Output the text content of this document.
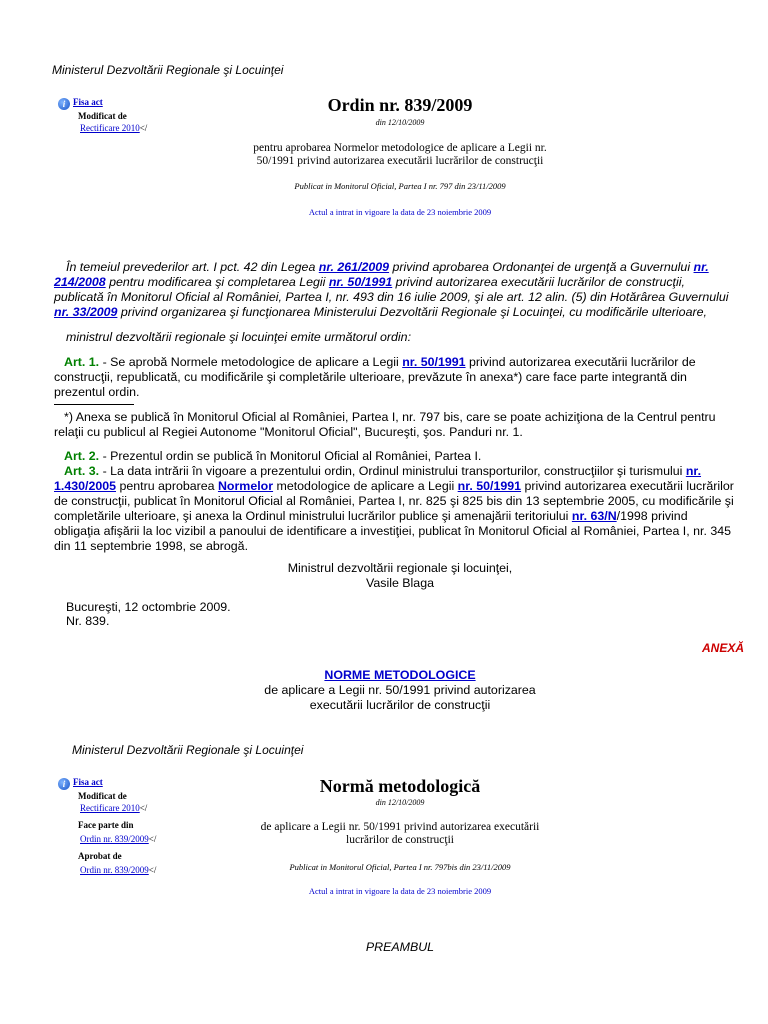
Ministerul Dezvoltării Regionale şi Locuinţei
i Fisa act
Modificat de
Rectificare 2010</
Ordin nr. 839/2009
din 12/10/2009
pentru aprobarea Normelor metodologice de aplicare a Legii nr.
50/1991 privind autorizarea executării lucrărilor de construcţii
Publicat in Monitorul Oficial, Partea I nr. 797 din 23/11/2009
Actul a intrat in vigoare la data de 23 noiembrie 2009
În temeiul prevederilor art. I pct. 42 din Legea nr. 261/2009 privind aprobarea Ordonanţei de urgenţă a Guvernului nr.
214/2008 pentru modificarea şi completarea Legii nr. 50/1991 privind autorizarea executării lucrărilor de construcţii,
publicată în Monitorul Oficial al României, Partea I, nr. 493 din 16 iulie 2009, şi ale art. 12 alin. (5) din Hotărârea Guvernului
nr. 33/2009 privind organizarea şi funcţionarea Ministerului Dezvoltării Regionale şi Locuinţei, cu modificările ulterioare,
ministrul dezvoltării regionale şi locuinţei emite următorul ordin:
Art. 1. - Se aprobă Normele metodologice de aplicare a Legii nr. 50/1991 privind autorizarea executării lucrărilor de
construcţii, republicată, cu modificările şi completările ulterioare, prevăzute în anexa*) care face parte integrantă din
prezentul ordin.
*) Anexa se publică în Monitorul Oficial al României, Partea I, nr. 797 bis, care se poate achiziţiona de la Centrul pentru
relaţii cu publicul al Regiei Autonome "Monitorul Oficial", Bucureşti, şos. Panduri nr. 1.
Art. 2. - Prezentul ordin se publică în Monitorul Oficial al României, Partea I.
Art. 3. - La data intrării în vigoare a prezentului ordin, Ordinul ministrului transporturilor, construcţiilor şi turismului nr.
1.430/2005 pentru aprobarea Normelor metodologice de aplicare a Legii nr. 50/1991 privind autorizarea executării lucrărilor
de construcţii, publicat în Monitorul Oficial al României, Partea I, nr. 825 şi 825 bis din 13 septembrie 2005, cu modificările şi
completările ulterioare, şi anexa la Ordinul ministrului lucrărilor publice şi amenajării teritoriului nr. 63/N/1998 privind
obligaţia afişării la loc vizibil a panoului de identificare a investiţiei, publicat în Monitorul Oficial al României, Partea I, nr. 345
din 11 septembrie 1998, se abrogă.
Ministrul dezvoltării regionale şi locuinţei,
Vasile Blaga
Bucureşti, 12 octombrie 2009.
Nr. 839.
ANEXĂ
NORME METODOLOGICE
de aplicare a Legii nr. 50/1991 privind autorizarea
executării lucrărilor de construcţii
Ministerul Dezvoltării Regionale şi Locuinţei
i Fisa act
Modificat de
Rectificare 2010</
Face parte din
Ordin nr. 839/2009</
Aprobat de
Ordin nr. 839/2009</
Normă metodologică
din 12/10/2009
de aplicare a Legii nr. 50/1991 privind autorizarea executării
lucrărilor de construcţii
Publicat in Monitorul Oficial, Partea I nr. 797bis din 23/11/2009
Actul a intrat in vigoare la data de 23 noiembrie 2009
PREAMBUL
